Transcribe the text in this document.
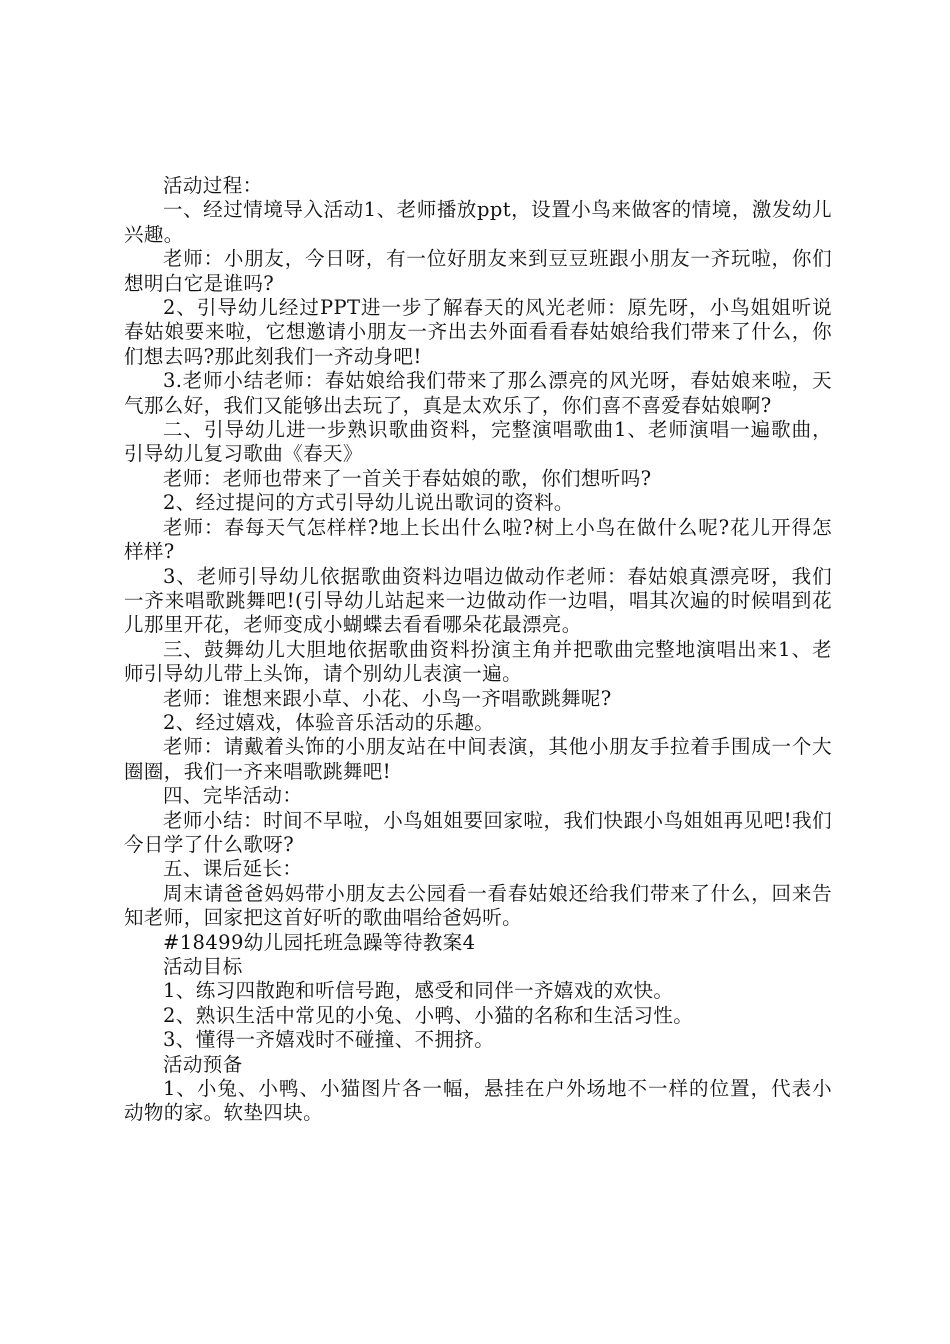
活动过程：

一、经过情境导入活动1、老师播放ppt，设置小鸟来做客的情境，激发幼儿兴趣。

老师：小朋友，今日呀，有一位好朋友来到豆豆班跟小朋友一齐玩啦，你们想明白它是谁吗?

2、引导幼儿经过PPT进一步了解春天的风光老师：原先呀，小鸟姐姐听说春姑娘要来啦，它想邀请小朋友一齐出去外面看看春姑娘给我们带来了什么，你们想去吗?那此刻我们一齐动身吧!

3.老师小结老师：春姑娘给我们带来了那么漂亮的风光呀，春姑娘来啦，天气那么好，我们又能够出去玩了，真是太欢乐了，你们喜不喜爱春姑娘啊?

二、引导幼儿进一步熟识歌曲资料，完整演唱歌曲1、老师演唱一遍歌曲，引导幼儿复习歌曲《春天》

老师：老师也带来了一首关于春姑娘的歌，你们想听吗?

2、经过提问的方式引导幼儿说出歌词的资料。

老师：春每天气怎样样?地上长出什么啦?树上小鸟在做什么呢?花儿开得怎样样?

3、老师引导幼儿依据歌曲资料边唱边做动作老师：春姑娘真漂亮呀，我们一齐来唱歌跳舞吧!(引导幼儿站起来一边做动作一边唱，唱其次遍的时候唱到花儿那里开花，老师变成小蝴蝶去看看哪朵花最漂亮。

三、鼓舞幼儿大胆地依据歌曲资料扮演主角并把歌曲完整地演唱出来1、老师引导幼儿带上头饰，请个别幼儿表演一遍。

老师：谁想来跟小草、小花、小鸟一齐唱歌跳舞呢?

2、经过嬉戏，体验音乐活动的乐趣。

老师：请戴着头饰的小朋友站在中间表演，其他小朋友手拉着手围成一个大圈圈，我们一齐来唱歌跳舞吧!

四、完毕活动：

老师小结：时间不早啦，小鸟姐姐要回家啦，我们快跟小鸟姐姐再见吧!我们今日学了什么歌呀?

五、课后延长：

周末请爸爸妈妈带小朋友去公园看一看春姑娘还给我们带来了什么，回来告知老师，回家把这首好听的歌曲唱给爸妈听。

#18499幼儿园托班急躁等待教案4

活动目标

1、练习四散跑和听信号跑，感受和同伴一齐嬉戏的欢快。

2、熟识生活中常见的小兔、小鸭、小猫的名称和生活习性。

3、懂得一齐嬉戏时不碰撞、不拥挤。

活动预备

1、小兔、小鸭、小猫图片各一幅，悬挂在户外场地不一样的位置，代表小动物的家。软垫四块。
